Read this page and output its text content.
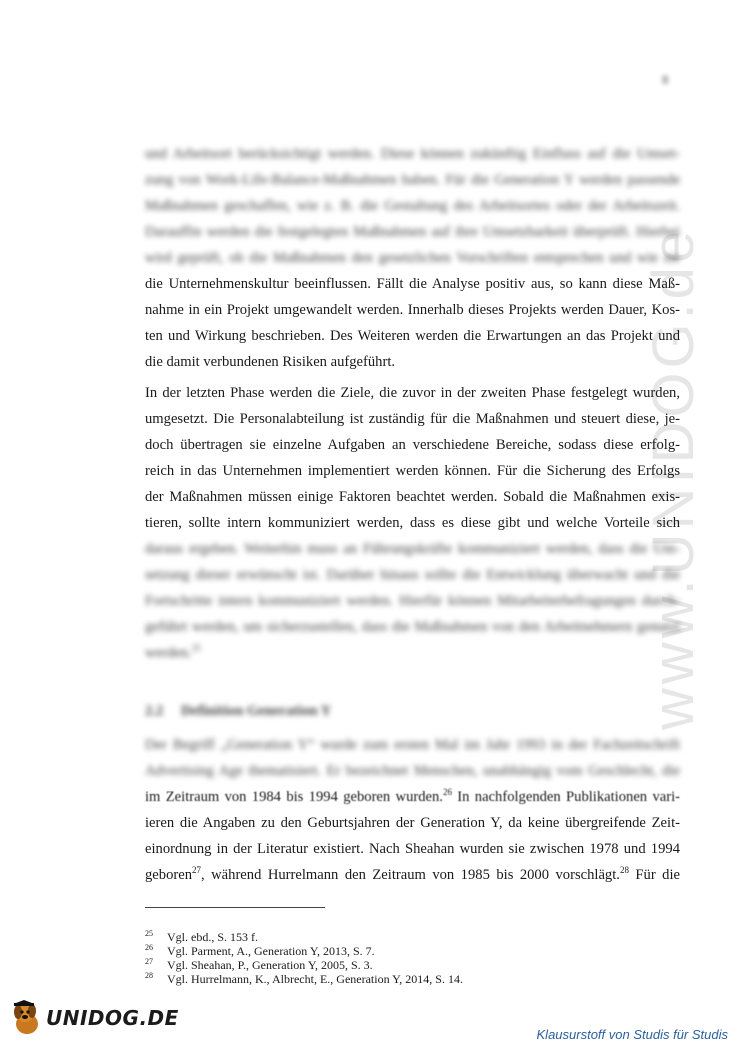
www.UNIDOG.de
8
und Arbeitsort berücksichtigt werden. Diese können zukünftig Einfluss auf die Umset-
zung von Work-Life-Balance-Maßnahmen haben. Für die Generation Y werden passende
Maßnahmen geschaffen, wie z. B. die Gestaltung des Arbeitsortes oder der Arbeitszeit.
Darauffin werden die festgelegten Maßnahmen auf ihre Umsetzbarkeit überprüft. Hierbei
wird geprüft, ob die Maßnahmen den gesetzlichen Vorschriften entsprechen und wie sie
die Unternehmenskultur beeinflussen. Fällt die Analyse positiv aus, so kann diese Maß-
nahme in ein Projekt umgewandelt werden. Innerhalb dieses Projekts werden Dauer, Kos-
ten und Wirkung beschrieben. Des Weiteren werden die Erwartungen an das Projekt und
die damit verbundenen Risiken aufgeführt.
In der letzten Phase werden die Ziele, die zuvor in der zweiten Phase festgelegt wurden,
umgesetzt. Die Personalabteilung ist zuständig für die Maßnahmen und steuert diese, je-
doch übertragen sie einzelne Aufgaben an verschiedene Bereiche, sodass diese erfolg-
reich in das Unternehmen implementiert werden können. Für die Sicherung des Erfolgs
der Maßnahmen müssen einige Faktoren beachtet werden. Sobald die Maßnahmen exis-
tieren, sollte intern kommuniziert werden, dass es diese gibt und welche Vorteile sich
daraus ergeben. Weiterhin muss an Führungskräfte kommuniziert werden, dass die Um-
setzung dieser erwünscht ist. Darüber hinaus sollte die Entwicklung überwacht und die
Fortschritte intern kommuniziert werden. Hierfür können Mitarbeiterbefragungen durch-
geführt werden, um sicherzustellen, dass die Maßnahmen von den Arbeitnehmern genutzt
werden.$^{25}$
2.2 Definition Generation Y
Der Begriff „Generation Y“ wurde zum ersten Mal im Jahr 1993 in der Fachzeitschrift
Advertising Age thematisiert. Er bezeichnet Menschen, unabhängig vom Geschlecht, die
im Zeitraum von 1984 bis 1994 geboren wurden.$^{26}$ In nachfolgenden Publikationen vari-
ieren die Angaben zu den Geburtsjahren der Generation Y, da keine übergreifende Zeit-
einordnung in der Literatur existiert. Nach Sheahan wurden sie zwischen 1978 und 1994
geboren$^{27}$, während Hurrelmann den Zeitraum von 1985 bis 2000 vorschlägt.$^{28}$ Für die
25 Vgl. ebd., S. 153 f.
26 Vgl. Parment, A., Generation Y, 2013, S. 7.
27 Vgl. Sheahan, P., Generation Y, 2005, S. 3.
28 Vgl. Hurrelmann, K., Albrecht, E., Generation Y, 2014, S. 14.
UNIDOG.DE
Klausurstoff von Studis für Studis
